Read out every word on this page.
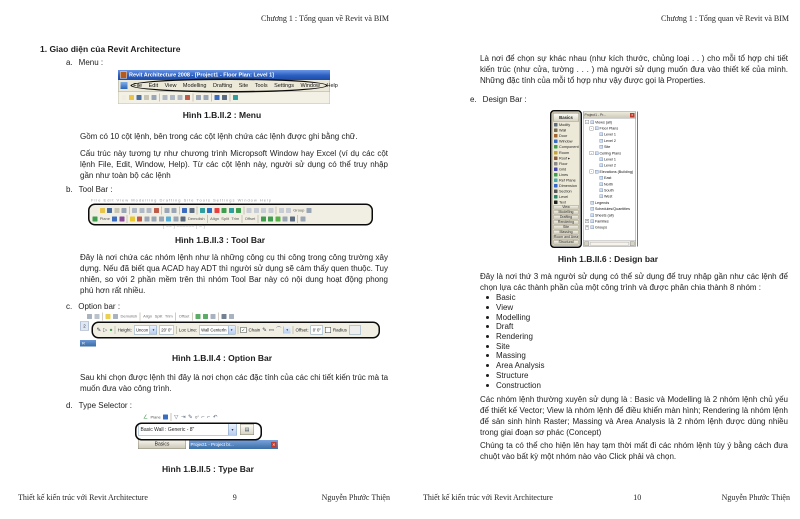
Chương 1 : Tổng quan về Revit và BIM
1. Giao diện của Revit Architecture
a. Menu :
Revit Architecture 2008 - [Project1 - Floor Plan: Level 1]
File Edit View Modelling Drafting Site Tools Settings Window Help
Hình 1.B.II.2 : Menu
Gồm có 10 cột lệnh, bên trong các cột lệnh chứa các lệnh được ghi bằng chữ.
Cấu trúc này tương tự như chương trình Micropsoft Window hay Excel (ví dụ các cột lệnh File, Edit, Window, Help). Từ các cột lệnh này, người sử dụng có thể truy nhập gần như toàn bộ các lệnh
b. Tool Bar :
File Edit View Modelling Drafting Site Tools Settings Window Help
Group
Plane	Demolish Align Split Trim Offset
( ── ) ────── ( ─ )
Hình 1.B.II.3 : Tool Bar
Đây là nơi chứa các nhóm lệnh như là những công cụ thi công trong công trường xây dựng. Nếu đã biết qua ACAD hay ADT thì người sử dụng sẽ cảm thấy quen thuộc. Tuy nhiên, so với 2 phần mềm trên thì nhóm Tool Bar này có nội dung hoạt động phong phú hơn rất nhiều.
c. Option bar :
Demolish Align Split Trim Offset
2
✎ ▷ ● Height: Uncon ▾ 20' 0" Loc Line: Wall Centerln ▾ ✓ Chain ✎ ▭ ⌒ ▾ Offset: 0' 0" Radius
R
Hình 1.B.II.4 : Option Bar
Sau khi chọn được lệnh thì đây là nơi chọn các đặc tính của các chi tiết kiến trúc mà ta muốn đưa vào công trình.
d. Type Selector :
∠ Plane ▽ ⇥ ✎ 0° ⌐ ⌐ ↶
Basic Wall : Generic - 8"	▾	▤
Basics	Project1 - Project br...	✕
Hình 1.B.II.5 : Type Bar
Thiết kế kiến trúc với Revit Architecture	9	Nguyễn Phước Thiện
Chương 1 : Tổng quan về Revit và BIM
Là nơi để chọn sự khác nhau (như kích thước, chủng loại . . ) cho mỗi tổ hợp chi tiết kiến trúc (như cửa, tường . . . ) mà người sử dụng muốn đưa vào thiết kế của mình. Những đặc tính của mỗi tổ hợp như vậy được gọi là Properties.
e. Design Bar :
Basics
Modify
Wall
Door
Window
Component
Room
Roof ▸
Floor
Grid
Lines
Ref Plane
Dimension
Section
Level
Text
View
Modelling
Drafting
Rendering
Site
Massing
Room and Area
Structural
Project1 - Pr...	✕
- Views (all)
- Floor Plans
Level 1
Level 2
Site
- Ceiling Plans
Level 1
Level 2
- Elevations (Building)
East
North
South
West
Legends
Schedules/Quantities
Sheets (all)
+ Families
+ Groups
Hình 1.B.II.6 : Design bar
Đây là nơi thứ 3 mà người sử dụng có thể sử dụng để truy nhập gần như các lệnh để chọn lựa các thành phần của một công trình và được phân chia thành 8 nhóm :
Basic
View
Modelling
Draft
Rendering
Site
Massing
Area Analysis
Structure
Construction
Các nhóm lệnh thường xuyên sử dụng là : Basic và Modelling là 2 nhóm lệnh chủ yếu để thiết kế Vector; View là nhóm lệnh để điều khiển màn hình; Rendering là nhóm lệnh để sản sinh hình Raster; Massing và Area Analysis là 2 nhóm lệnh được dùng nhiều trong giai đoạn sơ phác (Concept)
Chúng ta có thể cho hiện lên hay tạm thời mất đi các nhóm lệnh tùy ý bằng cách đưa chuột vào bất kỳ một nhóm nào vào Click phải và chọn.
Thiết kế kiến trúc với Revit Architecture	10	Nguyễn Phước Thiện
